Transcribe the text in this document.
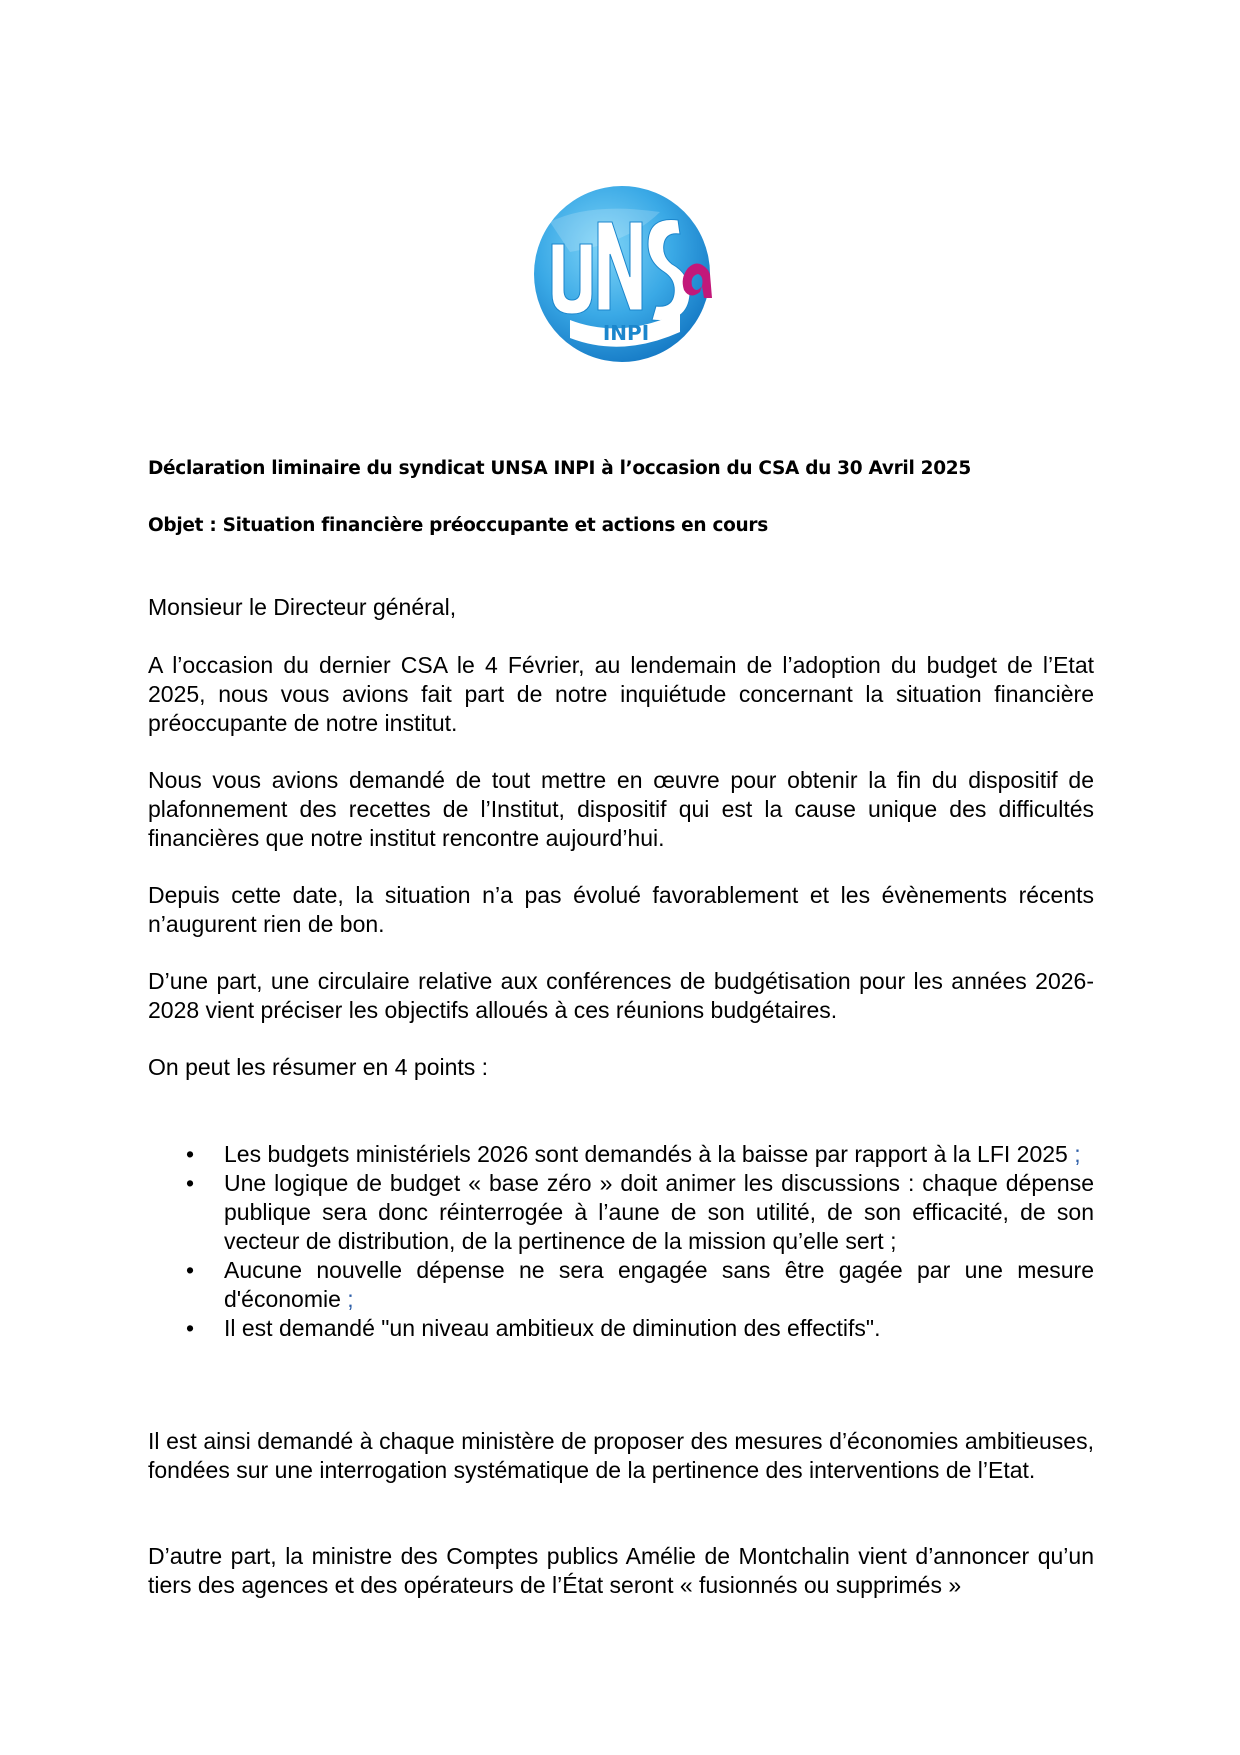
INPI
Déclaration liminaire du syndicat UNSA INPI à l’occasion du CSA du 30 Avril 2025
Objet : Situation financière préoccupante et actions en cours

Monsieur le Directeur général,

A l’occasion du dernier CSA le 4 Février, au lendemain de l’adoption du budget de l’Etat 2025, nous vous avions fait part de notre inquiétude concernant la situation financière préoccupante de notre institut.

Nous vous avions demandé de tout mettre en œuvre pour obtenir la fin du dispositif de plafonnement des recettes de l’Institut, dispositif qui est la cause unique des difficultés financières que notre institut rencontre aujourd’hui.

Depuis cette date, la situation n’a pas évolué favorablement et les évènements récents n’augurent rien de bon.

D’une part, une circulaire relative aux conférences de budgétisation pour les années 2026-2028 vient préciser les objectifs alloués à ces réunions budgétaires.

On peut les résumer en 4 points :

• Les budgets ministériels 2026 sont demandés à la baisse par rapport à la LFI 2025 ;
• Une logique de budget « base zéro » doit animer les discussions : chaque dépense publique sera donc réinterrogée à l’aune de son utilité, de son efficacité, de son vecteur de distribution, de la pertinence de la mission qu’elle sert ;
• Aucune nouvelle dépense ne sera engagée sans être gagée par une mesure d'économie ;
• Il est demandé "un niveau ambitieux de diminution des effectifs".

Il est ainsi demandé à chaque ministère de proposer des mesures d’économies ambitieuses, fondées sur une interrogation systématique de la pertinence des interventions de l’Etat.

D’autre part, la ministre des Comptes publics Amélie de Montchalin vient d’annoncer qu’un tiers des agences et des opérateurs de l’État seront « fusionnés ou supprimés »
